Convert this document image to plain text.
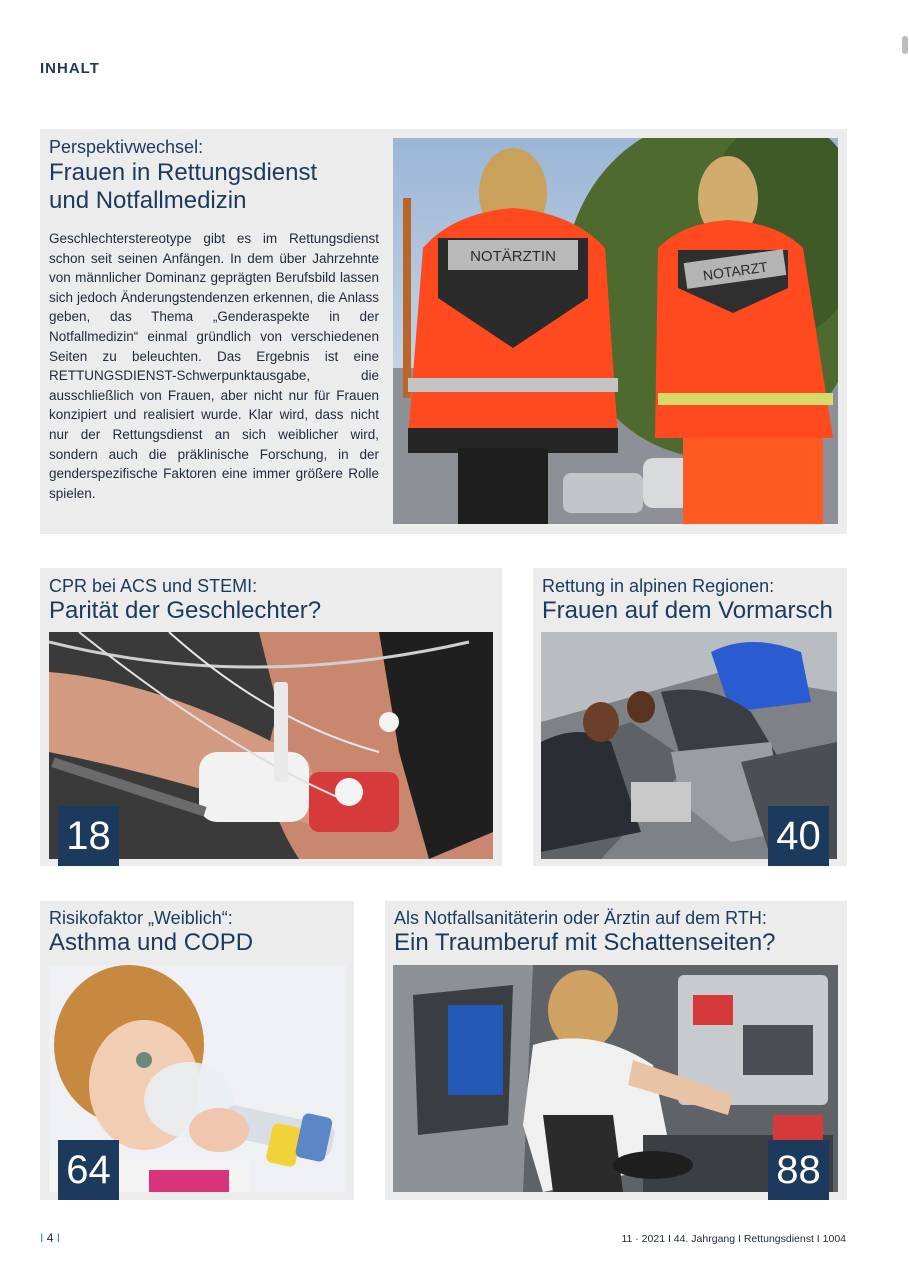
INHALT
Perspektivwechsel:
Frauen in Rettungsdienst
und Notfallmedizin
Geschlechterstereotype gibt es im Rettungsdienst schon seit seinen Anfängen. In dem über Jahrzehnte von männlicher Dominanz geprägten Berufsbild lassen sich jedoch Änderungstendenzen erkennen, die Anlass geben, das Thema „Genderaspekte in der Notfallmedizin“ einmal gründlich von verschiedenen Seiten zu beleuchten. Das Ergebnis ist eine RETTUNGSDIENST-Schwerpunktausgabe, die ausschließlich von Frauen, aber nicht nur für Frauen konzipiert und realisiert wurde. Klar wird, dass nicht nur der Rettungsdienst an sich weiblicher wird, sondern auch die präklinische Forschung, in der genderspezifische Faktoren eine immer größere Rolle spielen.
NOTÄRZTIN
NOTARZT
CPR bei ACS und STEMI:
Parität der Geschlechter?
18
Rettung in alpinen Regionen:
Frauen auf dem Vormarsch
40
Risikofaktor „Weiblich“:
Asthma und COPD
64
Als Notfallsanitäterin oder Ärztin auf dem RTH:
Ein Traumberuf mit Schattenseiten?
88
I 4 I	11 · 2021 I 44. Jahrgang I Rettungsdienst I 1004
